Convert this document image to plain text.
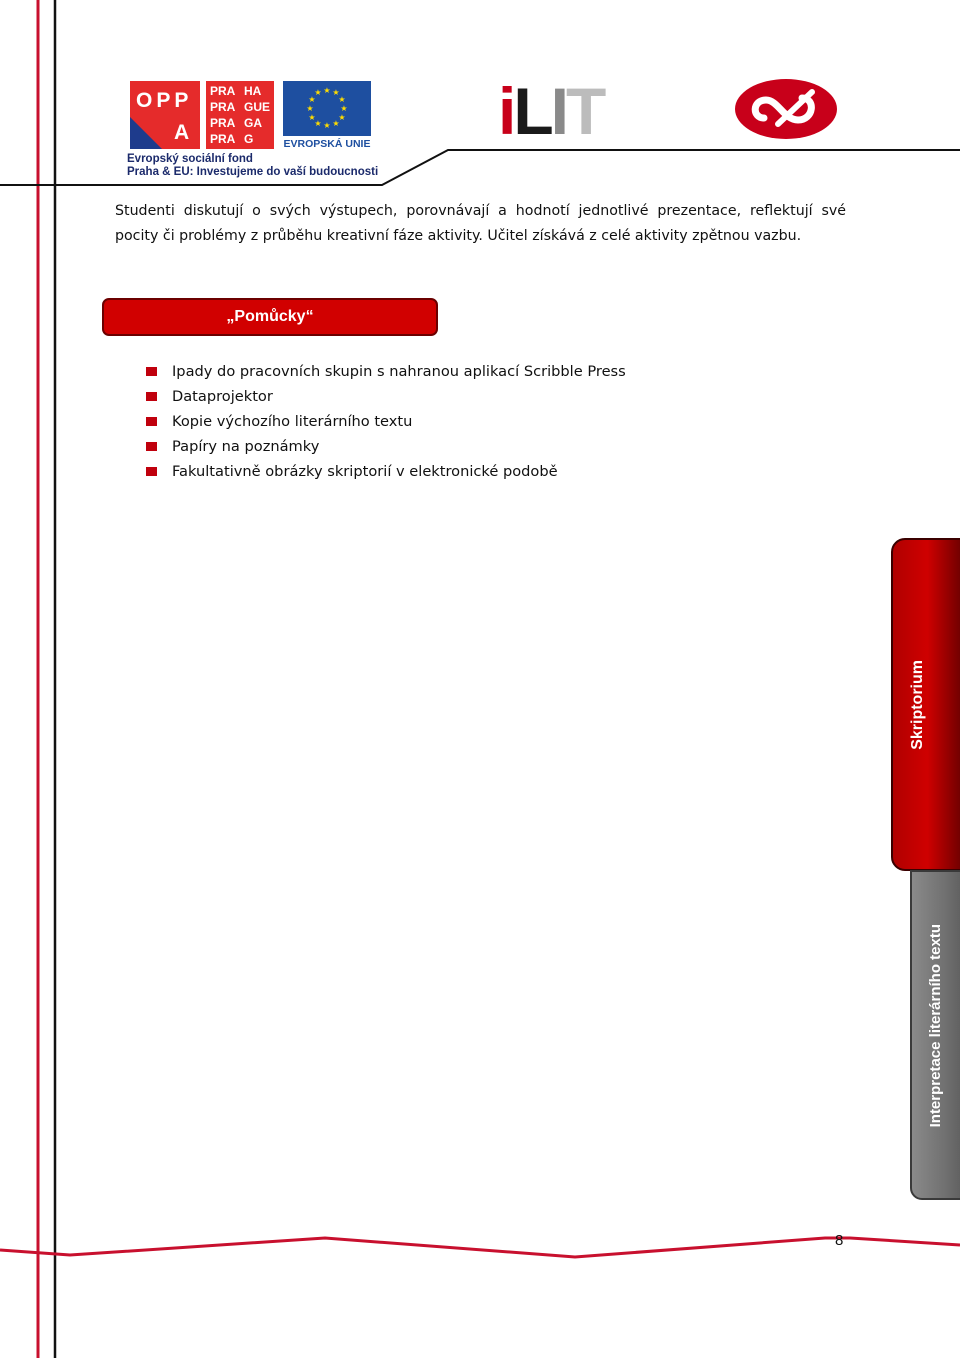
OPP
A
PRA HA
PRA GUE
PRA GA
PRA G
★ ★
★
★
★
★
★
★
★
★
★
★
EVROPSKÁ UNIE
Evropský sociální fond
Praha & EU: Investujeme do vaší budoucnosti
iLIT

Studenti diskutují o svých výstupech, porovnávají a hodnotí jednotlivé prezentace, reflektují své

pocity či problémy z průběhu kreativní fáze aktivity. Učitel získává z celé aktivity zpětnou vazbu.

„Pomůcky“
Ipady do pracovních skupin s nahranou aplikací Scribble Press
Dataprojektor
Kopie výchozího literárního textu
Papíry na poznámky
Fakultativně obrázky skriptorií v elektronické podobě
Skriptorium
Interpretace literárního textu
8
